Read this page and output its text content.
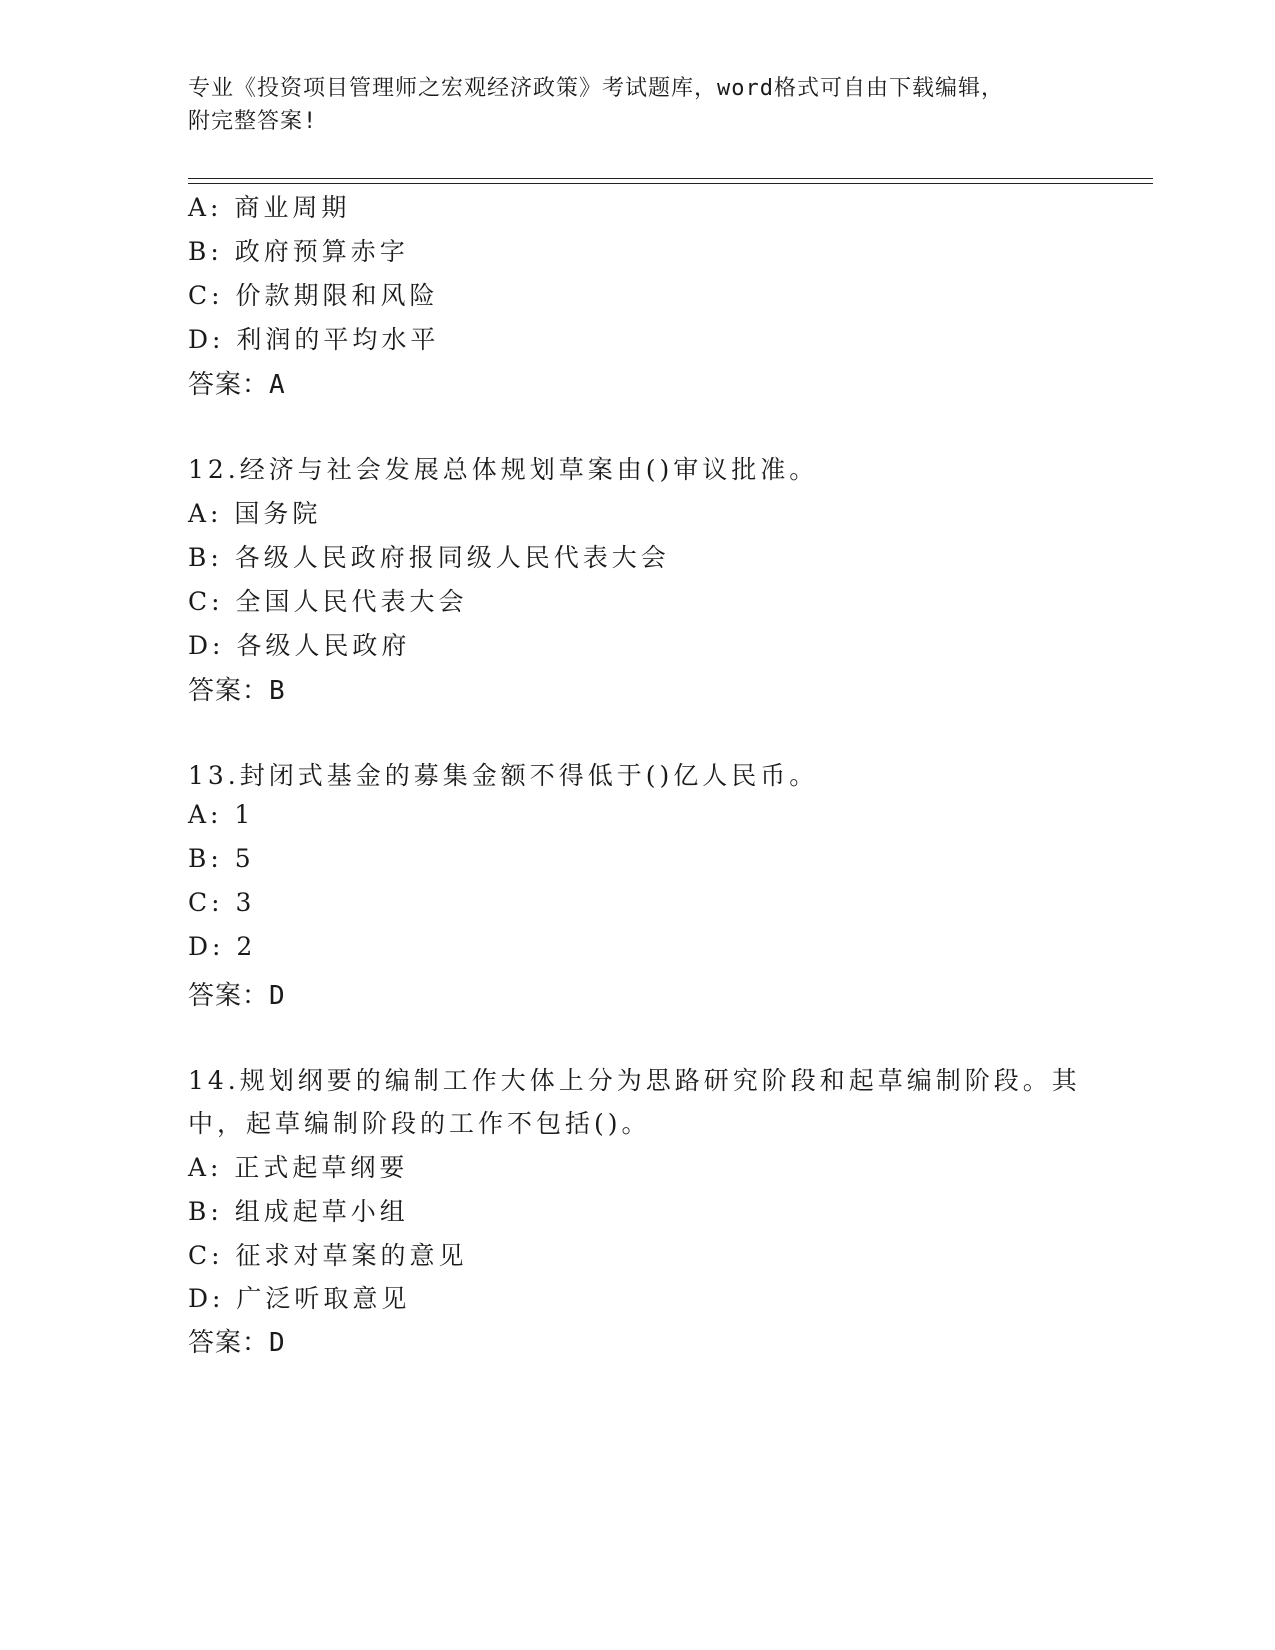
专业《投资项目管理师之宏观经济政策》考试题库，word格式可自由下载编辑，
附完整答案!
A: 商业周期
B: 政府预算赤字
C: 价款期限和风险
D: 利润的平均水平
答案：A
12.经济与社会发展总体规划草案由()审议批准。
A: 国务院
B: 各级人民政府报同级人民代表大会
C: 全国人民代表大会
D: 各级人民政府
答案：B
13.封闭式基金的募集金额不得低于()亿人民币。
A: 1
B: 5
C: 3
D: 2
答案：D
14.规划纲要的编制工作大体上分为思路研究阶段和起草编制阶段。其
中，起草编制阶段的工作不包括()。
A: 正式起草纲要
B: 组成起草小组
C: 征求对草案的意见
D: 广泛听取意见
答案：D
